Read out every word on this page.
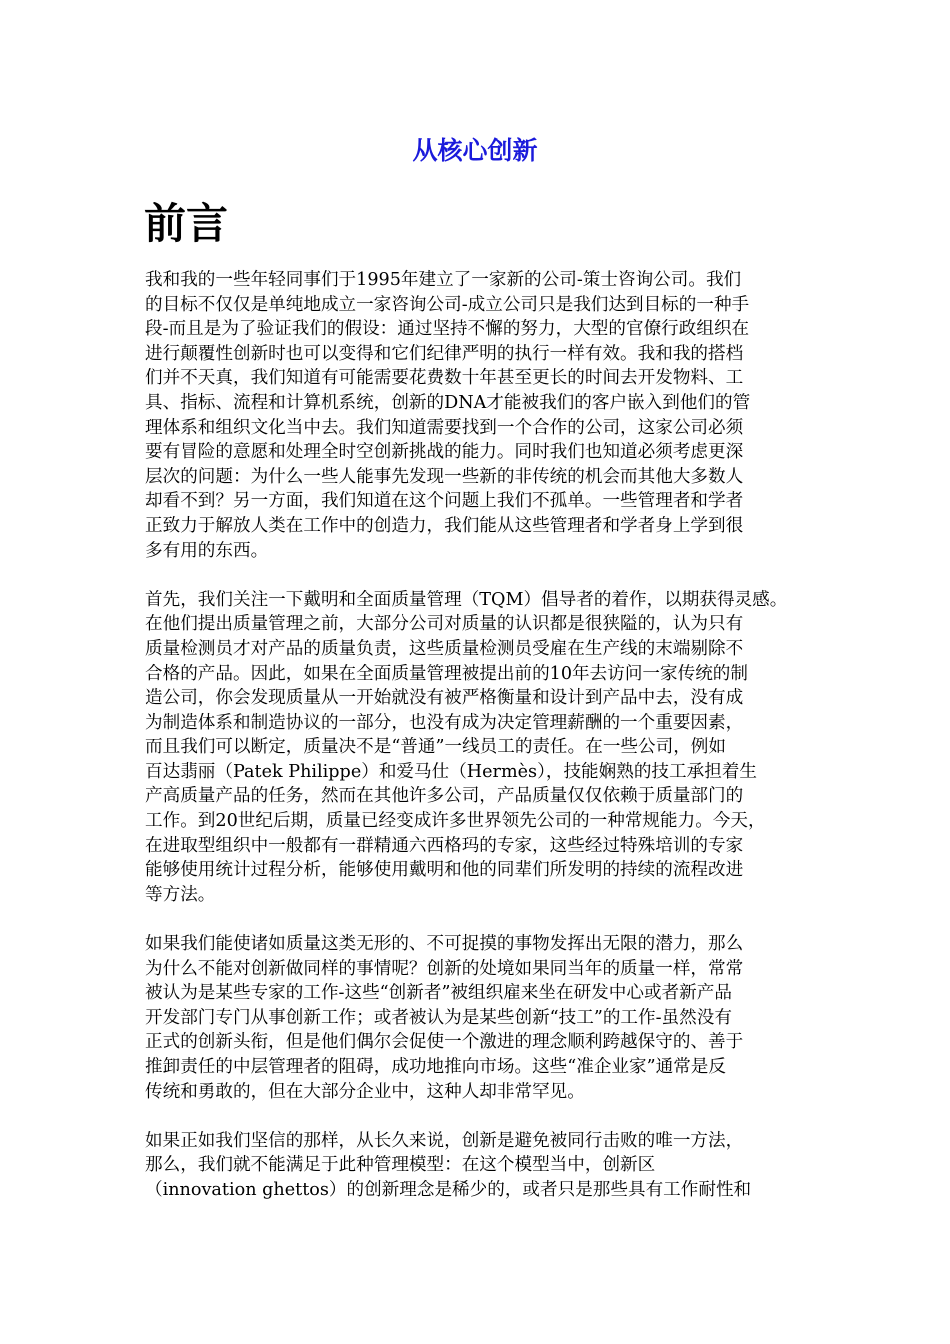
从核心创新
前言
我和我的一些年轻同事们于1995年建立了一家新的公司-策士咨询公司。我们
的目标不仅仅是单纯地成立一家咨询公司-成立公司只是我们达到目标的一种手
段-而且是为了验证我们的假设：通过坚持不懈的努力，大型的官僚行政组织在
进行颠覆性创新时也可以变得和它们纪律严明的执行一样有效。我和我的搭档
们并不天真，我们知道有可能需要花费数十年甚至更长的时间去开发物料、工
具、指标、流程和计算机系统，创新的DNA才能被我们的客户嵌入到他们的管
理体系和组织文化当中去。我们知道需要找到一个合作的公司，这家公司必须
要有冒险的意愿和处理全时空创新挑战的能力。同时我们也知道必须考虑更深
层次的问题：为什么一些人能事先发现一些新的非传统的机会而其他大多数人
却看不到？另一方面，我们知道在这个问题上我们不孤单。一些管理者和学者
正致力于解放人类在工作中的创造力，我们能从这些管理者和学者身上学到很
多有用的东西。
首先，我们关注一下戴明和全面质量管理（TQM）倡导者的着作，以期获得灵感。
在他们提出质量管理之前，大部分公司对质量的认识都是很狭隘的，认为只有
质量检测员才对产品的质量负责，这些质量检测员受雇在生产线的末端剔除不
合格的产品。因此，如果在全面质量管理被提出前的10年去访问一家传统的制
造公司，你会发现质量从一开始就没有被严格衡量和设计到产品中去，没有成
为制造体系和制造协议的一部分，也没有成为决定管理薪酬的一个重要因素，
而且我们可以断定，质量决不是“普通”一线员工的责任。在一些公司，例如
百达翡丽（Patek Philippe）和爱马仕（Hermès），技能娴熟的技工承担着生
产高质量产品的任务，然而在其他许多公司，产品质量仅仅依赖于质量部门的
工作。到20世纪后期，质量已经变成许多世界领先公司的一种常规能力。今天，
在进取型组织中一般都有一群精通六西格玛的专家，这些经过特殊培训的专家
能够使用统计过程分析，能够使用戴明和他的同辈们所发明的持续的流程改进
等方法。
如果我们能使诸如质量这类无形的、不可捉摸的事物发挥出无限的潜力，那么
为什么不能对创新做同样的事情呢？创新的处境如果同当年的质量一样，常常
被认为是某些专家的工作-这些“创新者”被组织雇来坐在研发中心或者新产品
开发部门专门从事创新工作；或者被认为是某些创新“技工”的工作-虽然没有
正式的创新头衔，但是他们偶尔会促使一个激进的理念顺利跨越保守的、善于
推卸责任的中层管理者的阻碍，成功地推向市场。这些“准企业家”通常是反
传统和勇敢的，但在大部分企业中，这种人却非常罕见。
如果正如我们坚信的那样，从长久来说，创新是避免被同行击败的唯一方法，
那么，我们就不能满足于此种管理模型：在这个模型当中，创新区
（innovation ghettos）的创新理念是稀少的，或者只是那些具有工作耐性和
